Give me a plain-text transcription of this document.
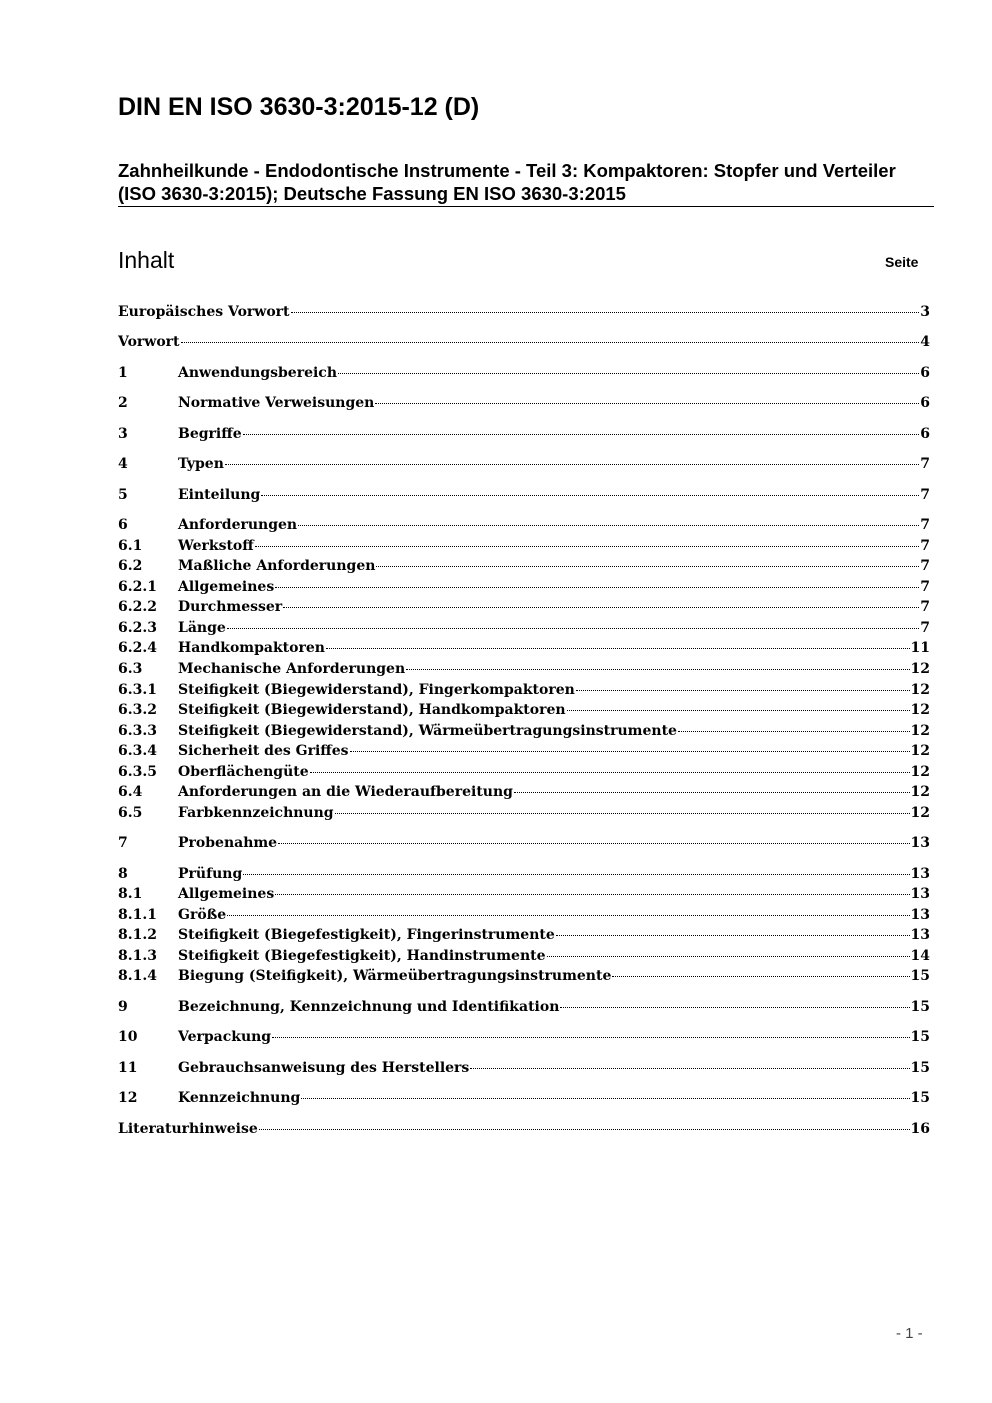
DIN EN ISO 3630-3:2015-12 (D)
Zahnheilkunde - Endodontische Instrumente - Teil 3: Kompaktoren: Stopfer und Verteiler (ISO 3630-3:2015); Deutsche Fassung EN ISO 3630-3:2015
Inhalt	Seite
Europäisches Vorwort	3
Vorwort	4
1	Anwendungsbereich	6
2	Normative Verweisungen	6
3	Begriffe	6
4	Typen	7
5	Einteilung	7
6	Anforderungen	7
6.1	Werkstoff	7
6.2	Maßliche Anforderungen	7
6.2.1	Allgemeines	7
6.2.2	Durchmesser	7
6.2.3	Länge	7
6.2.4	Handkompaktoren	11
6.3	Mechanische Anforderungen	12
6.3.1	Steifigkeit (Biegewiderstand), Fingerkompaktoren	12
6.3.2	Steifigkeit (Biegewiderstand), Handkompaktoren	12
6.3.3	Steifigkeit (Biegewiderstand), Wärmeübertragungsinstrumente	12
6.3.4	Sicherheit des Griffes	12
6.3.5	Oberflächengüte	12
6.4	Anforderungen an die Wiederaufbereitung	12
6.5	Farbkennzeichnung	12
7	Probenahme	13
8	Prüfung	13
8.1	Allgemeines	13
8.1.1	Größe	13
8.1.2	Steifigkeit (Biegefestigkeit), Fingerinstrumente	13
8.1.3	Steifigkeit (Biegefestigkeit), Handinstrumente	14
8.1.4	Biegung (Steifigkeit), Wärmeübertragungsinstrumente	15
9	Bezeichnung, Kennzeichnung und Identifikation	15
10	Verpackung	15
11	Gebrauchsanweisung des Herstellers	15
12	Kennzeichnung	15
Literaturhinweise	16
- 1 -
